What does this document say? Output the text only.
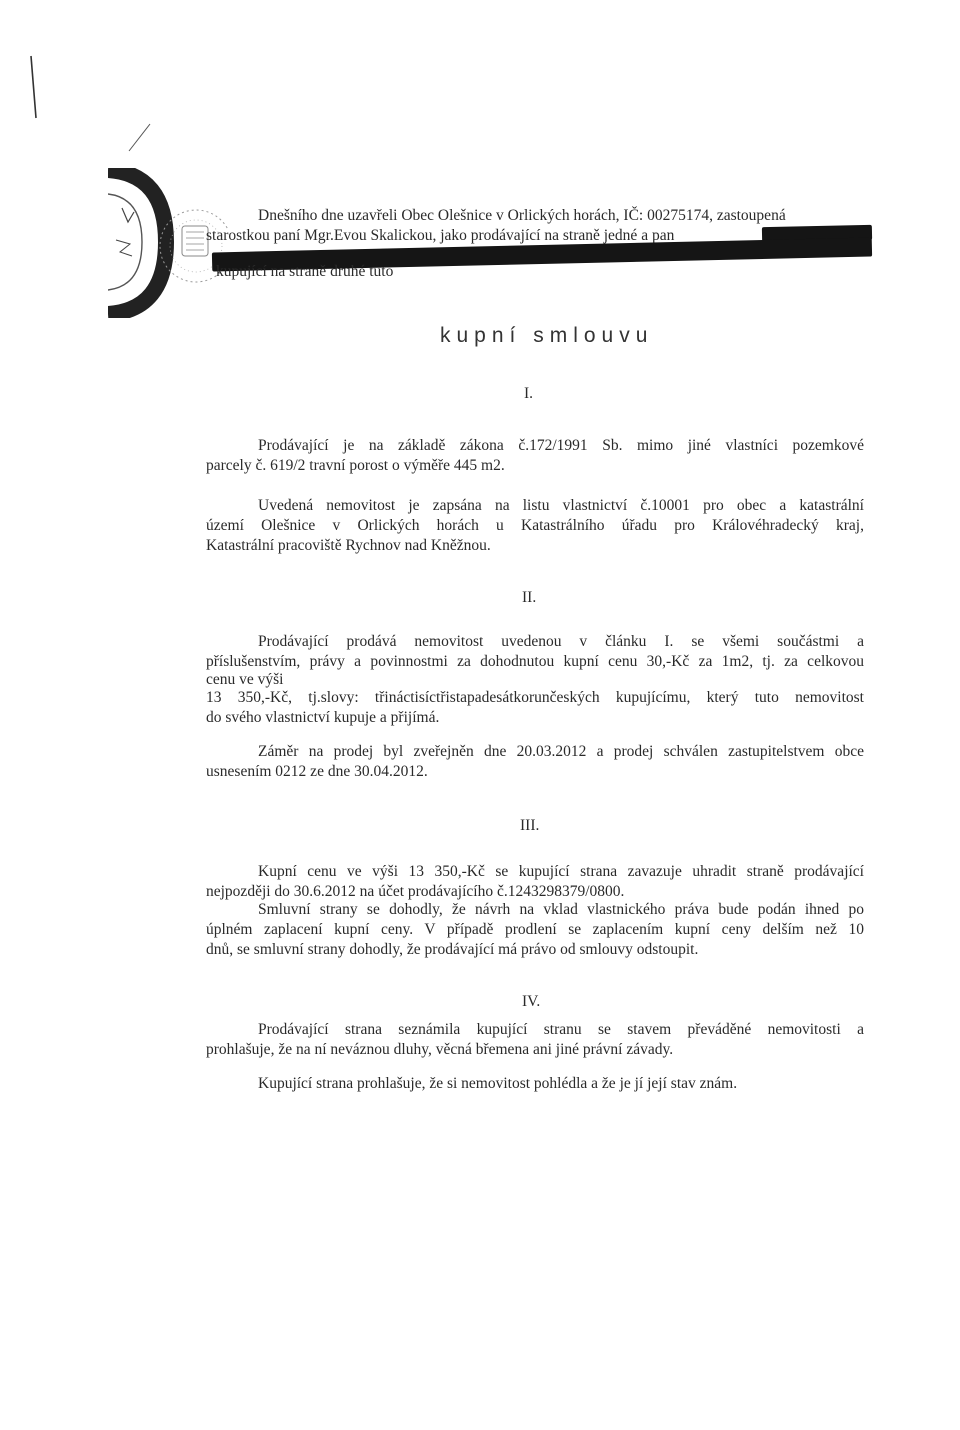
Dnešního dne uzavřeli Obec Olešnice v Orlických horách, IČ: 00275174, zastoupená
starostkou paní Mgr.Evou Skalickou, jako prodávající na straně jedné a pan
kupující na straně druhé tuto
kupní smlouvu
I.
Prodávající je na základě zákona č.172/1991 Sb. mimo jiné vlastníci pozemkové
parcely č. 619/2 travní porost o výměře 445 m2.
Uvedená nemovitost je zapsána na listu vlastnictví č.10001 pro obec a katastrální
území Olešnice v Orlických horách u Katastrálního úřadu pro Královéhradecký kraj,
Katastrální pracoviště Rychnov nad Kněžnou.
II.
Prodávající prodává nemovitost uvedenou v článku I. se všemi součástmi a
příslušenstvím, právy a povinnostmi za dohodnutou kupní cenu 30,-Kč za 1m2, tj. za celkovou
cenu ve výši
13 350,-Kč, tj.slovy: třináctisíctřistapadesátkorunčeských kupujícímu, který tuto nemovitost
do svého vlastnictví kupuje a přijímá.
Záměr na prodej byl zveřejněn dne 20.03.2012 a prodej schválen zastupitelstvem obce
usnesením 0212 ze dne 30.04.2012.
III.
Kupní cenu ve výši 13 350,-Kč se kupující strana zavazuje uhradit straně prodávající
nejpozději do 30.6.2012 na účet prodávajícího č.1243298379/0800.
Smluvní strany se dohodly, že návrh na vklad vlastnického práva bude podán ihned po
úplném zaplacení kupní ceny. V případě prodlení se zaplacením kupní ceny delším než 10
dnů, se smluvní strany dohodly, že prodávající má právo od smlouvy odstoupit.
IV.
Prodávající strana seznámila kupující stranu se stavem převáděné nemovitosti a
prohlašuje, že na ní neváznou dluhy, věcná břemena ani jiné právní závady.
Kupující strana prohlašuje, že si nemovitost pohlédla a že je jí její stav znám.
